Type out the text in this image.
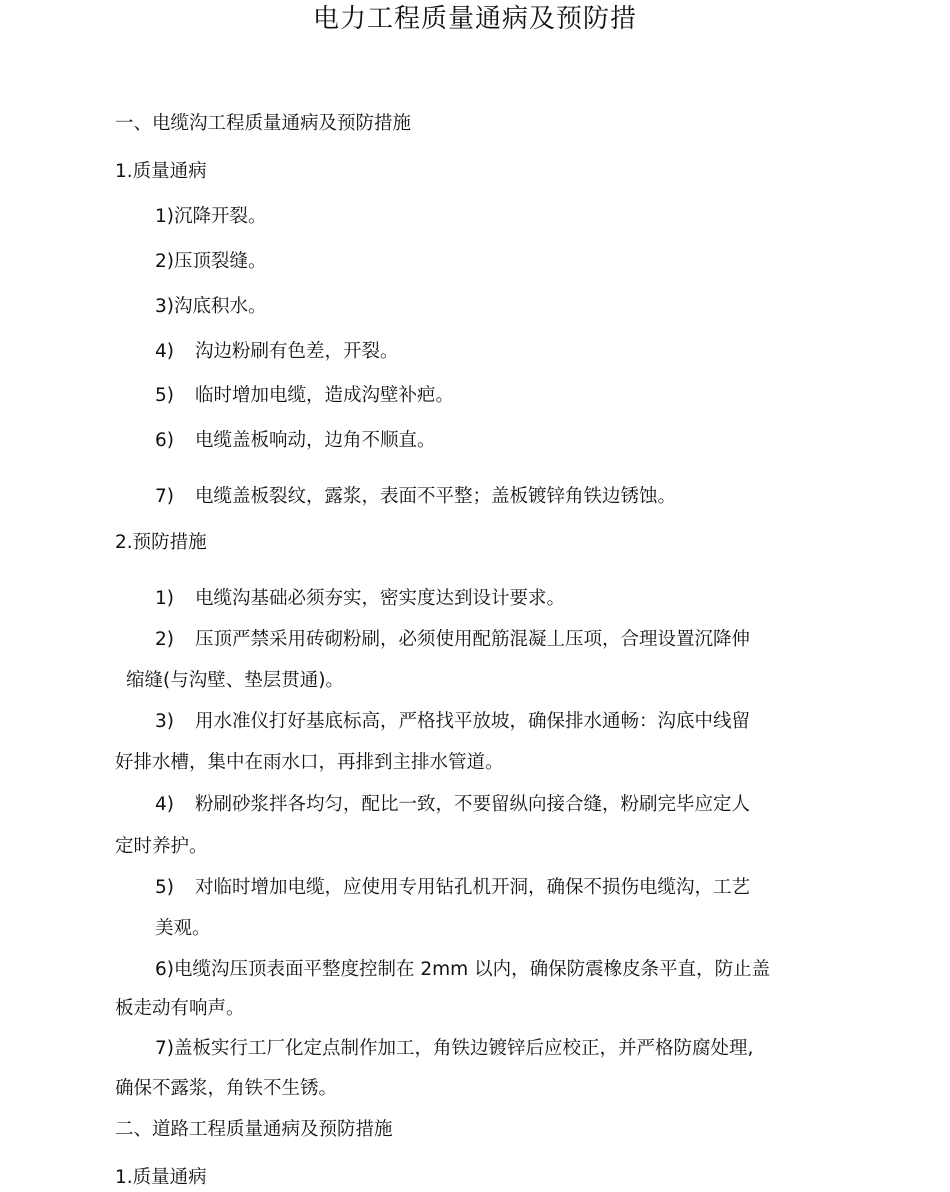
电力工程质量通病及预防措
一、电缆沟工程质量通病及预防措施
1.质量通病
1)沉降开裂。
2)压顶裂缝。
3)沟底积水。
4) 沟边粉刷有色差，开裂。
5) 临时增加电缆，造成沟壁补疤。
6) 电缆盖板响动，边角不顺直。
7) 电缆盖板裂纹，露浆，表面不平整；盖板镀锌角铁边锈蚀。
2.预防措施
1) 电缆沟基础必须夯实，密实度达到设计要求。
2) 压顶严禁采用砖砌粉刷，必须使用配筋混凝丄压项，合理设置沉降伸
缩缝(与沟壁、垫层贯通)。
3) 用水准仪打好基底标高，严格找平放坡，确保排水通畅：沟底中线留
好排水槽，集中在雨水口，再排到主排水管道。
4) 粉刷砂浆拌各均匀，配比一致，不要留纵向接合缝，粉刷完毕应定人
定时养护。
5) 对临时增加电缆，应使用专用钻孔机开洞，确保不损伤电缆沟，工艺
美观。
6)电缆沟压顶表面平整度控制在 2mm 以内，确保防震橡皮条平直，防止盖
板走动有响声。
7)盖板实行工厂化定点制作加工，角铁边镀锌后应校正，并严格防腐处理,
确保不露浆，角铁不生锈。
二、道路工程质量通病及预防措施
1.质量通病
